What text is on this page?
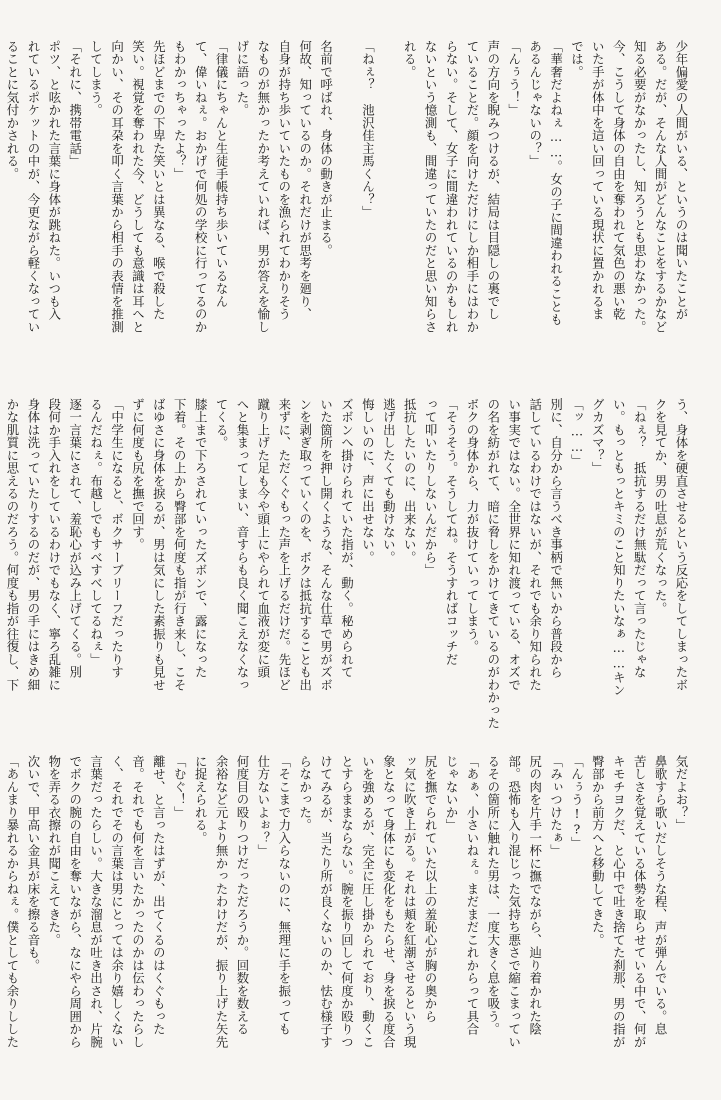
少年偏愛の人間がいる、というのは聞いたことが

ある。だが、そんな人間がどんなことをするかなど

知る必要がなかったし、知ろうとも思わなかった。

今、こうして身体の自由を奪われて気色の悪い乾

いた手が体中を這い回っている現状に置かれるま

では。

「華奢だよねぇ……。女の子に間違われることも

あるんじゃないの？」

「んぅう！」

声の方向を睨みつけるが、結局は目隠しの裏でし

ていることだ。顔を向けただけにしか相手にはわか

らない。そして、女子に間違われているのかもしれ

ないという憶測も、間違っていたのだと思い知らさ

れる。

「ねぇ？　池沢佳主馬くん？」

名前で呼ばれ、身体の動きが止まる。

何故、知っているのか。それだけが思考を廻り、

自身が持ち歩いていたものを漁られてわかりそう

なものが無かったか考えていれば、男が答えを愉し

げに語った。

「律儀にちゃんと生徒手帳持ち歩いているなん

て、偉いねぇ。おかげで何処の学校に行ってるのか

もわかっちゃったよ？」

先ほどまでの下卑た笑いとは異なる、喉で殺した

笑い。視覚を奪われた今、どうしても意識は耳へと

向かい、その耳朶を叩く言葉から相手の表情を推測

してしまう。

「それに、携帯電話」

ポツ、と呟かれた言葉に身体が跳ねた。いつも入

れているポケットの中が、今更ながら軽くなってい

ることに気付かされる。

う、身体を硬直させるという反応をしてしまったボ

クを見てか、男の吐息が荒くなった。

「ねぇ？　抵抗するだけ無駄だって言ったじゃな

い。もっともっとキミのこと知りたいなぁ……キン

グカズマ？」

「ッ……」

別に、自分から言うべき事柄で無いから普段から

話しているわけではないが、それでも余り知られた

い事実ではない。全世界に知れ渡っている、オズで

の名を紡がれて、暗に脅しをかけてきているのがわかった

ボクの身体から、力が抜けていってしまう。

「そうそう。そうしてね。そうすればコッチだ

って叩いたりしないんだから」

抵抗したいのに、出来ない。

逃げ出したくても動けない。

悔しいのに、声に出せない。

ズボンへ掛けられていた指が、動く。秘められて

いた箇所を押し開くような、そんな仕草で男がズボ

ンを剥ぎ取っていくのを、ボクは抵抗することも出

来ずに、ただくぐもった声を上げるだけだ。先ほど

蹴り上げた足も今や頭上にやられて血液が変に頭

へと集まってしまい、音すらも良く聞こえなくなっ

てくる。

膝上まで下ろされていったズボンで、露になった

下着。その上から臀部を何度も指が行き来し、こそ

ばゆさに身体を捩るが、男は気にした素振りも見せ

ずに何度も尻を撫で回す。

「中学生になると、ボクサーブリーフだったりす

るんだねぇ。布越しでもすべすべしてるねぇ」

逐一言葉にされて、羞恥心が込み上げてくる。別

段何か手入れをしているわけでもなく、寧ろ乱雑に

身体は洗っていたりするのだが、男の手にはきめ細

かな肌質に思えるのだろう。何度も指が往復し、下

気だよお？」

鼻歌すら歌いだしそうな程、声が弾んでいる。息

苦しさを覚えている体勢を取らせている中で、何が

キモチヨクだ、と心中で吐き捨てた刹那、男の指が

臀部から前方へと移動してきた。

「んぅう!?」

「みぃつけたぁ」

尻の肉を片手一杯に撫でながら、辿り着かれた陰

部。恐怖も入り混じった気持ち悪さで縮こまってい

るその箇所に触れた男は、一度大きく息を吸う。

「あぁ、小さいねぇ。まだまだこれからって具合

じゃないか」

尻を撫でられていた以上の羞恥心が胸の奥から

ッ気に吹き上がる。それは頬を紅潮させるという現

象となって身体にも変化をもたらせ、身を捩る度合

いを強めるが、完全に圧し掛かられており、動くこ

とすらままならない。腕を振り回して何度か殴りつ

けてみるが、当たり所が良くないのか、怯む様子す

らなかった。

「そこまで力入らないのに、無理に手を振っても

仕方ないよぉ？」

何度目の殴りつけだっただろうか。回数を数える

余裕など元より無かったわけだが、振り上げた矢先

に捉えられる。

「むぐ！」

離せ、と言ったはずが、出てくるのはくぐもった

音。それでも何を言いたかったのかは伝わったらし

く、それでその言葉は男にとっては余り嬉しくない

言葉だったらしい。大きな溜息が吐き出され、片腕

でボクの腕の自由を奪いながら、なにやら周囲から

物を弄る衣擦れが聞こえてきた。

次いで、甲高い金具が床を擦る音も。

「あんまり暴れるからねぇ。僕としても余りしした
